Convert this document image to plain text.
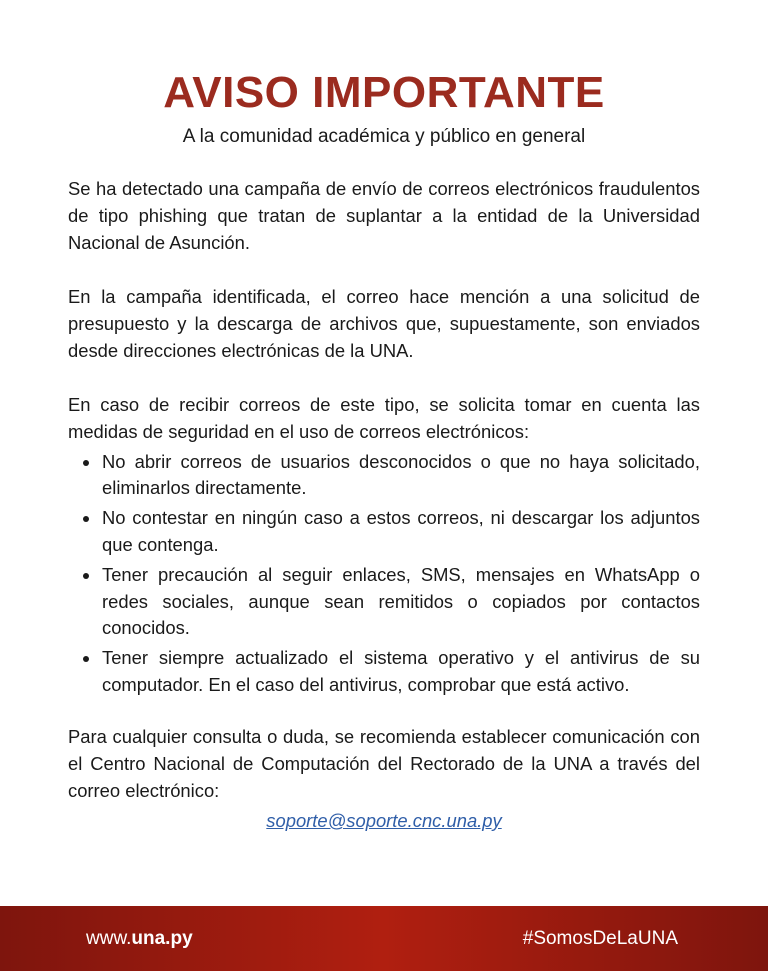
AVISO IMPORTANTE
A la comunidad académica y público en general

Se ha detectado una campaña de envío de correos electrónicos fraudulentos de tipo phishing que tratan de suplantar a la entidad de la Universidad Nacional de Asunción.

En la campaña identificada, el correo hace mención a una solicitud de presupuesto y la descarga de archivos que, supuestamente, son enviados desde direcciones electrónicas de la UNA.

En caso de recibir correos de este tipo, se solicita tomar en cuenta las medidas de seguridad en el uso de correos electrónicos:

No abrir correos de usuarios desconocidos o que no haya solicitado, eliminarlos directamente.
No contestar en ningún caso a estos correos, ni descargar los adjuntos que contenga.
Tener precaución al seguir enlaces, SMS, mensajes en WhatsApp o redes sociales, aunque sean remitidos o copiados por contactos conocidos.
Tener siempre actualizado el sistema operativo y el antivirus de su computador. En el caso del antivirus, comprobar que está activo.

Para cualquier consulta o duda, se recomienda establecer comunicación con el Centro Nacional de Computación del Rectorado de la UNA a través del correo electrónico:

soporte@soporte.cnc.una.py
www.una.py	#SomosDeLaUNA
